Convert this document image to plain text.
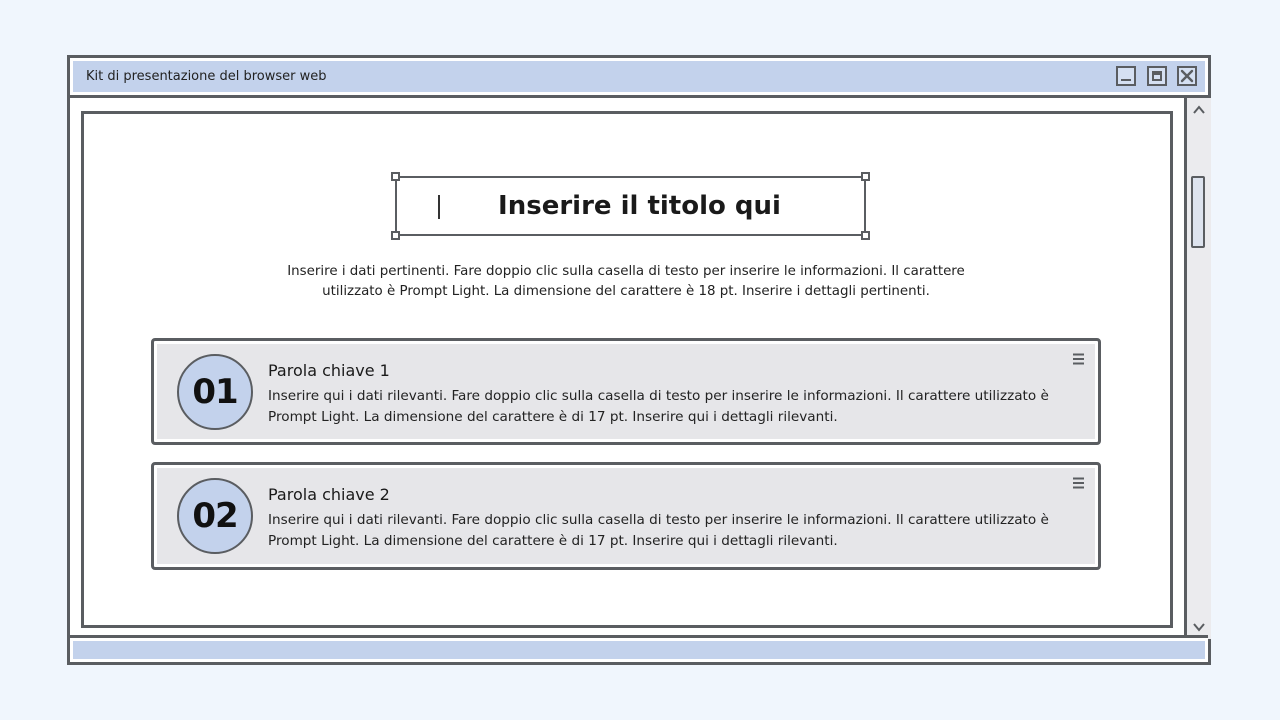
Kit di presentazione del browser web
Inserire il titolo qui
Inserire i dati pertinenti. Fare doppio clic sulla casella di testo per inserire le informazioni. Il carattere utilizzato è Prompt Light. La dimensione del carattere è 18 pt. Inserire i dettagli pertinenti.
01
Parola chiave 1
Inserire qui i dati rilevanti. Fare doppio clic sulla casella di testo per inserire le informazioni. Il carattere utilizzato è Prompt Light. La dimensione del carattere è di 17 pt. Inserire qui i dettagli rilevanti.
02
Parola chiave 2
Inserire qui i dati rilevanti. Fare doppio clic sulla casella di testo per inserire le informazioni. Il carattere utilizzato è Prompt Light. La dimensione del carattere è di 17 pt. Inserire qui i dettagli rilevanti.
